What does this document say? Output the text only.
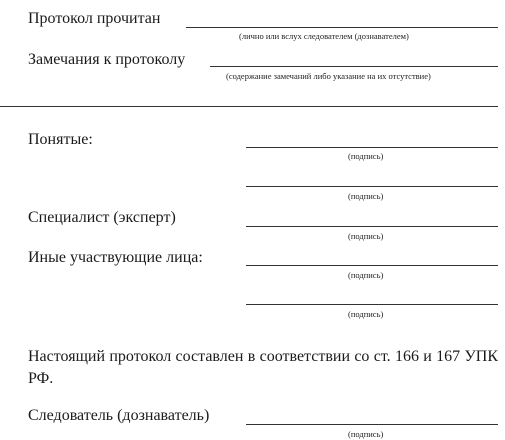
Протокол прочитан
(лично или вслух следователем (дознавателем)
Замечания к протоколу
(содержание замечаний либо указание на их отсутствие)
Понятые:
(подпись)
(подпись)
Специалист (эксперт)
(подпись)
Иные участвующие лица:
(подпись)
(подпись)
Настоящий протокол составлен в соответствии со ст. 166 и 167 УПК РФ.
Следователь (дознаватель)
(подпись)
